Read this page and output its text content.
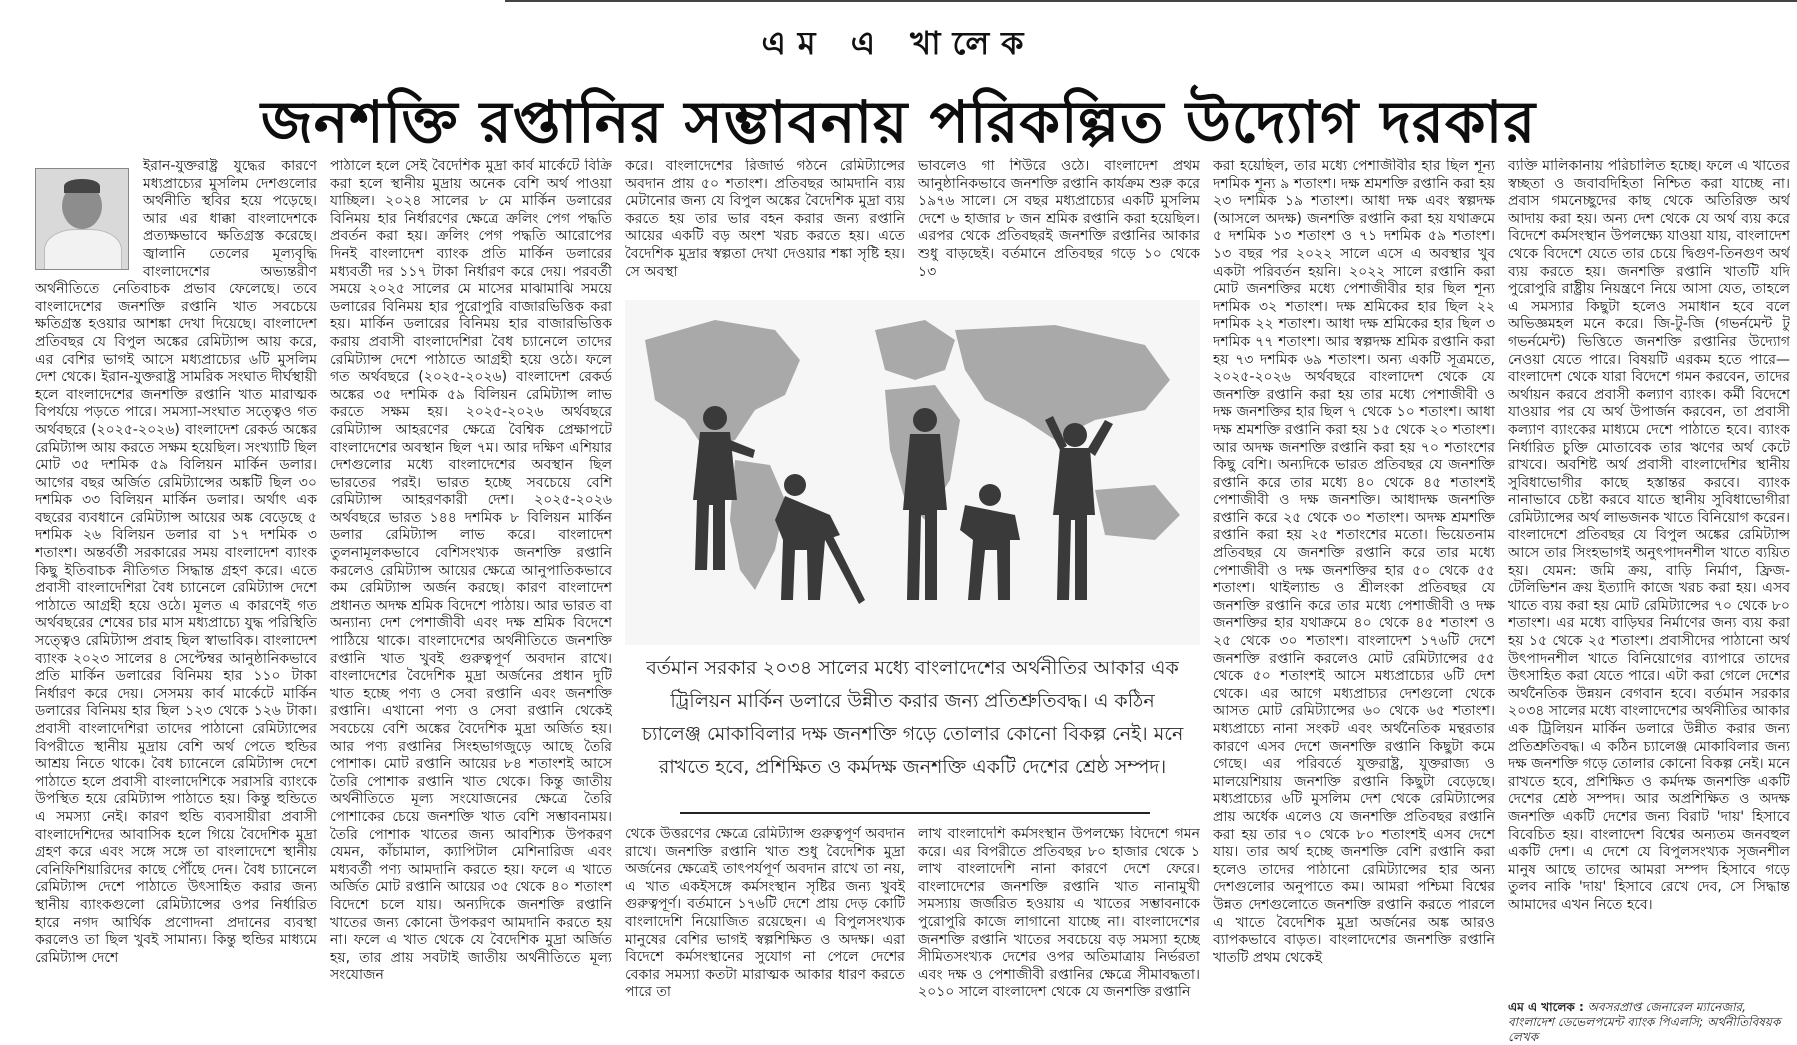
এম এ খালেক
জনশক্তি রপ্তানির সম্ভাবনায় পরিকল্পিত উদ্যোগ দরকার

ইরান-যুক্তরাষ্ট্র যুদ্ধের কারণে মধ্যপ্রাচ্যের মুসলিম দেশগুলোর অর্থনীতি স্থবির হয়ে পড়েছে। আর এর ধাক্কা বাংলাদেশকে প্রত্যক্ষভাবে ক্ষতিগ্রস্ত করেছে। জ্বালানি তেলের মূল্যবৃদ্ধি বাংলাদেশের অভ্যন্তরীণ অর্থনীতিতে নেতিবাচক প্রভাব ফেলেছে। তবে বাংলাদেশের জনশক্তি রপ্তানি খাত সবচেয়ে ক্ষতিগ্রস্ত হওয়ার আশঙ্কা দেখা দিয়েছে। বাংলাদেশ প্রতিবছর যে বিপুল অঙ্কের রেমিট্যান্স আয় করে, এর বেশির ভাগই আসে মধ্যপ্রাচ্যের ৬টি মুসলিম দেশ থেকে। ইরান-যুক্তরাষ্ট্র সামরিক সংঘাত দীর্ঘস্থায়ী হলে বাংলাদেশের জনশক্তি রপ্তানি খাত মারাত্মক বিপর্যয়ে পড়তে পারে। সমস্যা-সংঘাত সত্ত্বেও গত অর্থবছরে (২০২৫-২০২৬) বাংলাদেশ রেকর্ড অঙ্কের রেমিট্যান্স আয় করতে সক্ষম হয়েছিল। সংখ্যাটি ছিল মোট ৩৫ দশমিক ৫৯ বিলিয়ন মার্কিন ডলার। আগের বছর অর্জিত রেমিট্যান্সের অঙ্কটি ছিল ৩০ দশমিক ৩৩ বিলিয়ন মার্কিন ডলার। অর্থাৎ এক বছরের ব্যবধানে রেমিট্যান্স আয়ের অঙ্ক বেড়েছে ৫ দশমিক ২৬ বিলিয়ন ডলার বা ১৭ দশমিক ৩ শতাংশ। অন্তর্বর্তী সরকারের সময় বাংলাদেশ ব্যাংক কিছু ইতিবাচক নীতিগত সিদ্ধান্ত গ্রহণ করে। এতে প্রবাসী বাংলাদেশিরা বৈধ চ্যানেলে রেমিট্যান্স দেশে পাঠাতে আগ্রহী হয়ে ওঠে। মূলত এ কারণেই গত অর্থবছরের শেষের চার মাস মধ্যপ্রাচ্যে যুদ্ধ পরিস্থিতি সত্ত্বেও রেমিট্যান্স প্রবাহ ছিল স্বাভাবিক। বাংলাদেশ ব্যাংক ২০২৩ সালের ৪ সেপ্টেম্বর আনুষ্ঠানিকভাবে প্রতি মার্কিন ডলারের বিনিময় হার ১১০ টাকা নির্ধারণ করে দেয়। সেসময় কার্ব মার্কেটে মার্কিন ডলারের বিনিময় হার ছিল ১২৩ থেকে ১২৬ টাকা। প্রবাসী বাংলাদেশিরা তাদের পাঠানো রেমিট্যান্সের বিপরীতে স্থানীয় মুদ্রায় বেশি অর্থ পেতে হুন্ডির আশ্রয় নিতে থাকে। বৈধ চ্যানেলে রেমিট্যান্স দেশে পাঠাতে হলে প্রবাসী বাংলাদেশিকে সরাসরি ব্যাংকে উপস্থিত হয়ে রেমিট্যান্স পাঠাতে হয়। কিন্তু হুন্ডিতে এ সমস্যা নেই। কারণ হুন্ডি ব্যবসায়ীরা প্রবাসী বাংলাদেশিদের আবাসিক হলে গিয়ে বৈদেশিক মুদ্রা গ্রহণ করে এবং সঙ্গে সঙ্গে তা বাংলাদেশে স্থানীয় বেনিফিশিয়ারিদের কাছে পৌঁছে দেন। বৈধ চ্যানেলে রেমিট্যান্স দেশে পাঠাতে উৎসাহিত করার জন্য স্থানীয় ব্যাংকগুলো রেমিট্যান্সের ওপর নির্ধারিত হারে নগদ আর্থিক প্রণোদনা প্রদানের ব্যবস্থা করলেও তা ছিল খুবই সামান্য। কিন্তু হুন্ডির মাধ্যমে রেমিট্যান্স দেশে

পাঠালে হলে সেই বৈদেশিক মুদ্রা কার্ব মার্কেটে বিক্রি করা হলে স্থানীয় মুদ্রায় অনেক বেশি অর্থ পাওয়া যাচ্ছিল। ২০২৪ সালের ৮ মে মার্কিন ডলারের বিনিময় হার নির্ধারণের ক্ষেত্রে ক্রলিং পেগ পদ্ধতি প্রবর্তন করা হয়। ক্রলিং পেগ পদ্ধতি আরোপের দিনই বাংলাদেশ ব্যাংক প্রতি মার্কিন ডলারের মধ্যবর্তী দর ১১৭ টাকা নির্ধারণ করে দেয়। পরবর্তী সময়ে ২০২৫ সালের মে মাসের মাঝামাঝি সময়ে ডলারের বিনিময় হার পুরোপুরি বাজারভিত্তিক করা হয়। মার্কিন ডলারের বিনিময় হার বাজারভিত্তিক করায় প্রবাসী বাংলাদেশিরা বৈধ চ্যানেলে তাদের রেমিট্যান্স দেশে পাঠাতে আগ্রহী হয়ে ওঠে। ফলে গত অর্থবছরে (২০২৫-২০২৬) বাংলাদেশ রেকর্ড অঙ্কের ৩৫ দশমিক ৫৯ বিলিয়ন রেমিট্যান্স লাভ করতে সক্ষম হয়। ২০২৫-২০২৬ অর্থবছরে রেমিট্যান্স আহরণের ক্ষেত্রে বৈশ্বিক প্রেক্ষাপটে বাংলাদেশের অবস্থান ছিল ৭ম। আর দক্ষিণ এশিয়ার দেশগুলোর মধ্যে বাংলাদেশের অবস্থান ছিল ভারতের পরই। ভারত হচ্ছে সবচেয়ে বেশি রেমিট্যান্স আহরণকারী দেশ। ২০২৫-২০২৬ অর্থবছরে ভারত ১৪৪ দশমিক ৮ বিলিয়ন মার্কিন ডলার রেমিট্যান্স লাভ করে। বাংলাদেশ তুলনামূলকভাবে বেশিসংখ্যক জনশক্তি রপ্তানি করলেও রেমিট্যান্স আয়ের ক্ষেত্রে আনুপাতিকভাবে কম রেমিট্যান্স অর্জন করছে। কারণ বাংলাদেশ প্রধানত অদক্ষ শ্রমিক বিদেশে পাঠায়। আর ভারত বা অন্যান্য দেশ পেশাজীবী এবং দক্ষ শ্রমিক বিদেশে পাঠিয়ে থাকে। বাংলাদেশের অর্থনীতিতে জনশক্তি রপ্তানি খাত খুবই গুরুত্বপূর্ণ অবদান রাখে। বাংলাদেশের বৈদেশিক মুদ্রা অর্জনের প্রধান দুটি খাত হচ্ছে পণ্য ও সেবা রপ্তানি এবং জনশক্তি রপ্তানি। এখানো পণ্য ও সেবা রপ্তানি থেকেই সবচেয়ে বেশি অঙ্কের বৈদেশিক মুদ্রা অর্জিত হয়। আর পণ্য রপ্তানির সিংহভাগজুড়ে আছে তৈরি পোশাক। মোট রপ্তানি আয়ের ৮৪ শতাংশই আসে তৈরি পোশাক রপ্তানি খাত থেকে। কিন্তু জাতীয় অর্থনীতিতে মূল্য সংযোজনের ক্ষেত্রে তৈরি পোশাকের চেয়ে জনশক্তি খাত বেশি সম্ভাবনাময়। তৈরি পোশাক খাতের জন্য আবশ্যিক উপকরণ যেমন, কাঁচামাল, ক্যাপিটাল মেশিনারিজ এবং মধ্যবর্তী পণ্য আমদানি করতে হয়। ফলে এ খাতে অর্জিত মোট রপ্তানি আয়ের ৩৫ থেকে ৪০ শতাংশ বিদেশে চলে যায়। অন্যদিকে জনশক্তি রপ্তানি খাতের জন্য কোনো উপকরণ আমদানি করতে হয় না। ফলে এ খাত থেকে যে বৈদেশিক মুদ্রা অর্জিত হয়, তার প্রায় সবটাই জাতীয় অর্থনীতিতে মূল্য সংযোজন

করে। বাংলাদেশের রিজার্ভ গঠনে রেমিট্যান্সের অবদান প্রায় ৫০ শতাংশ। প্রতিবছর আমদানি ব্যয় মেটানোর জন্য যে বিপুল অঙ্কের বৈদেশিক মুদ্রা ব্যয় করতে হয় তার ভার বহন করার জন্য রপ্তানি আয়ের একটি বড় অংশ খরচ করতে হয়। এতে বৈদেশিক মুদ্রার স্বল্পতা দেখা দেওয়ার শঙ্কা সৃষ্টি হয়। সে অবস্থা

ভাবলেও গা শিউরে ওঠে। বাংলাদেশ প্রথম আনুষ্ঠানিকভাবে জনশক্তি রপ্তানি কার্যক্রম শুরু করে ১৯৭৬ সালে। সে বছর মধ্যপ্রাচ্যের একটি মুসলিম দেশে ৬ হাজার ৮ জন শ্রমিক রপ্তানি করা হয়েছিল। এরপর থেকে প্রতিবছরই জনশক্তি রপ্তানির আকার শুধু বাড়ছেই। বর্তমানে প্রতিবছর গড়ে ১০ থেকে ১৩

বর্তমান সরকার ২০৩৪ সালের মধ্যে বাংলাদেশের অর্থনীতির আকার এক ট্রিলিয়ন মার্কিন ডলারে উন্নীত করার জন্য প্রতিশ্রুতিবদ্ধ। এ কঠিন চ্যালেঞ্জ মোকাবিলার দক্ষ জনশক্তি গড়ে তোলার কোনো বিকল্প নেই। মনে রাখতে হবে, প্রশিক্ষিত ও কর্মদক্ষ জনশক্তি একটি দেশের শ্রেষ্ঠ সম্পদ।

থেকে উত্তরণের ক্ষেত্রে রেমিট্যান্স গুরুত্বপূর্ণ অবদান রাখে। জনশক্তি রপ্তানি খাত শুধু বৈদেশিক মুদ্রা অর্জনের ক্ষেত্রেই তাৎপর্যপূর্ণ অবদান রাখে তা নয়, এ খাত একইসঙ্গে কর্মসংস্থান সৃষ্টির জন্য খুবই গুরুত্বপূর্ণ। বর্তমানে ১৭৬টি দেশে প্রায় দেড় কোটি বাংলাদেশি নিয়োজিত রয়েছেন। এ বিপুলসংখ্যক মানুষের বেশির ভাগই স্বল্পশিক্ষিত ও অদক্ষ। এরা বিদেশে কর্মসংস্থানের সুযোগ না পেলে দেশের বেকার সমস্যা কতটা মারাত্মক আকার ধারণ করতে পারে তা

লাখ বাংলাদেশি কর্মসংস্থান উপলক্ষ্যে বিদেশে গমন করে। এর বিপরীতে প্রতিবছর ৮০ হাজার থেকে ১ লাখ বাংলাদেশি নানা কারণে দেশে ফেরে। বাংলাদেশের জনশক্তি রপ্তানি খাত নানামুখী সমস্যায় জর্জরিত হওয়ায় এ খাতের সম্ভাবনাকে পুরোপুরি কাজে লাগানো যাচ্ছে না। বাংলাদেশের জনশক্তি রপ্তানি খাতের সবচেয়ে বড় সমস্যা হচ্ছে সীমিতসংখ্যক দেশের ওপর অতিমাত্রায় নির্ভরতা এবং দক্ষ ও পেশাজীবী রপ্তানির ক্ষেত্রে সীমাবদ্ধতা। ২০১০ সালে বাংলাদেশ থেকে যে জনশক্তি রপ্তানি

করা হয়েছিল, তার মধ্যে পেশাজীবীর হার ছিল শূন্য দশমিক শূন্য ৯ শতাংশ। দক্ষ শ্রমশক্তি রপ্তানি করা হয় ২৩ দশমিক ১৯ শতাংশ। আধা দক্ষ এবং স্বল্পদক্ষ (আসলে অদক্ষ) জনশক্তি রপ্তানি করা হয় যথাক্রমে ৫ দশমিক ১৩ শতাংশ ও ৭১ দশমিক ৫৯ শতাংশ। ১৩ বছর পর ২০২২ সালে এসে এ অবস্থার খুব একটা পরিবর্তন হয়নি। ২০২২ সালে রপ্তানি করা মোট জনশক্তির মধ্যে পেশাজীবীর হার ছিল শূন্য দশমিক ৩২ শতাংশ। দক্ষ শ্রমিকের হার ছিল ২২ দশমিক ২২ শতাংশ। আধা দক্ষ শ্রমিকের হার ছিল ৩ দশমিক ৭৭ শতাংশ। আর স্বল্পদক্ষ শ্রমিক রপ্তানি করা হয় ৭৩ দশমিক ৬৯ শতাংশ। অন্য একটি সূত্রমতে, ২০২৫-২০২৬ অর্থবছরে বাংলাদেশ থেকে যে জনশক্তি রপ্তানি করা হয় তার মধ্যে পেশাজীবী ও দক্ষ জনশক্তির হার ছিল ৭ থেকে ১০ শতাংশ। আধা দক্ষ শ্রমশক্তি রপ্তানি করা হয় ১৫ থেকে ২০ শতাংশ। আর অদক্ষ জনশক্তি রপ্তানি করা হয় ৭০ শতাংশের কিছু বেশি। অন্যদিকে ভারত প্রতিবছর যে জনশক্তি রপ্তানি করে তার মধ্যে ৪০ থেকে ৪৫ শতাংশই পেশাজীবী ও দক্ষ জনশক্তি। আধাদক্ষ জনশক্তি রপ্তানি করে ২৫ থেকে ৩০ শতাংশ। অদক্ষ শ্রমশক্তি রপ্তানি করা হয় ২৫ শতাংশের মতো। ভিয়েতনাম প্রতিবছর যে জনশক্তি রপ্তানি করে তার মধ্যে পেশাজীবী ও দক্ষ জনশক্তির হার ৫০ থেকে ৫৫ শতাংশ। থাইল্যান্ড ও শ্রীলংকা প্রতিবছর যে জনশক্তি রপ্তানি করে তার মধ্যে পেশাজীবী ও দক্ষ জনশক্তির হার যথাক্রমে ৪০ থেকে ৪৫ শতাংশ ও ২৫ থেকে ৩০ শতাংশ। বাংলাদেশ ১৭৬টি দেশে জনশক্তি রপ্তানি করলেও মোট রেমিট্যান্সের ৫৫ থেকে ৫০ শতাংশই আসে মধ্যপ্রাচ্যের ৬টি দেশ থেকে। এর আগে মধ্যপ্রাচ্যর দেশগুলো থেকে আসত মোট রেমিট্যান্সের ৬০ থেকে ৬৫ শতাংশ। মধ্যপ্রাচ্যে নানা সংকট এবং অর্থনৈতিক মন্থরতার কারণে এসব দেশে জনশক্তি রপ্তানি কিছুটা কমে গেছে। এর পরিবর্তে যুক্তরাষ্ট্র, যুক্তরাজ্য ও মালয়েশিয়ায় জনশক্তি রপ্তানি কিছুটা বেড়েছে। মধ্যপ্রাচ্যের ৬টি মুসলিম দেশ থেকে রেমিট্যান্সের প্রায় অর্ধেক এলেও যে জনশক্তি প্রতিবছর রপ্তানি করা হয় তার ৭০ থেকে ৮০ শতাংশই এসব দেশে যায়। তার অর্থ হচ্ছে জনশক্তি বেশি রপ্তানি করা হলেও তাদের পাঠানো রেমিট্যান্সের হার অন্য দেশগুলোর অনুপাতে কম। আমরা পশ্চিমা বিশ্বের উন্নত দেশগুলোতে জনশক্তি রপ্তানি করতে পারলে এ খাতে বৈদেশিক মুদ্রা অর্জনের অঙ্ক আরও ব্যাপকভাবে বাড়ত। বাংলাদেশের জনশক্তি রপ্তানি খাতটি প্রথম থেকেই

ব্যক্তি মালিকানায় পরিচালিত হচ্ছে। ফলে এ খাতের স্বচ্ছতা ও জবাবদিহিতা নিশ্চিত করা যাচ্ছে না। প্রবাস গমনেচ্ছুদের কাছ থেকে অতিরিক্ত অর্থ আদায় করা হয়। অন্য দেশ থেকে যে অর্থ ব্যয় করে বিদেশে কর্মসংস্থান উপলক্ষ্যে যাওয়া যায়, বাংলাদেশ থেকে বিদেশে যেতে তার চেয়ে দ্বিগুণ-তিনগুণ অর্থ ব্যয় করতে হয়। জনশক্তি রপ্তানি খাতটি যদি পুরোপুরি রাষ্ট্রীয় নিয়ন্ত্রণে নিয়ে আসা যেত, তাহলে এ সমস্যার কিছুটা হলেও সমাধান হবে বলে অভিজ্ঞমহল মনে করে। জি-টু-জি (গভর্নমেন্ট টু গভর্নমেন্ট) ভিত্তিতে জনশক্তি রপ্তানির উদ্যোগ নেওয়া যেতে পারে। বিষয়টি এরকম হতে পারে—বাংলাদেশ থেকে যারা বিদেশে গমন করবেন, তাদের অর্থায়ন করবে প্রবাসী কল্যাণ ব্যাংক। কর্মী বিদেশে যাওয়ার পর যে অর্থ উপার্জন করবেন, তা প্রবাসী কল্যাণ ব্যাংকের মাধ্যমে দেশে পাঠাতে হবে। ব্যাংক নির্ধারিত চুক্তি মোতাবেক তার ঋণের অর্থ কেটে রাখবে। অবশিষ্ট অর্থ প্রবাসী বাংলাদেশির স্থানীয় সুবিধাভোগীর কাছে হস্তান্তর করবে। ব্যাংক নানাভাবে চেষ্টা করবে যাতে স্থানীয় সুবিধাভোগীরা রেমিট্যান্সের অর্থ লাভজনক খাতে বিনিয়োগ করেন। বাংলাদেশে প্রতিবছর যে বিপুল অঙ্কের রেমিট্যান্স আসে তার সিংহভাগই অনুৎপাদনশীল খাতে ব্যয়িত হয়। যেমন: জমি ক্রয়, বাড়ি নির্মাণ, ফ্রিজ-টেলিভিশন ক্রয় ইত্যাদি কাজে খরচ করা হয়। এসব খাতে ব্যয় করা হয় মোট রেমিট্যান্সের ৭০ থেকে ৮০ শতাংশ। এর মধ্যে বাড়িঘর নির্মাণের জন্য ব্যয় করা হয় ১৫ থেকে ২৫ শতাংশ। প্রবাসীদের পাঠানো অর্থ উৎপাদনশীল খাতে বিনিয়োগের ব্যাপারে তাদের উৎসাহিত করা যেতে পারে। এটা করা গেলে দেশের অর্থনৈতিক উন্নয়ন বেগবান হবে। বর্তমান সরকার ২০৩৪ সালের মধ্যে বাংলাদেশের অর্থনীতির আকার এক ট্রিলিয়ন মার্কিন ডলারে উন্নীত করার জন্য প্রতিশ্রুতিবদ্ধ। এ কঠিন চ্যালেঞ্জ মোকাবিলার জন্য দক্ষ জনশক্তি গড়ে তোলার কোনো বিকল্প নেই। মনে রাখতে হবে, প্রশিক্ষিত ও কর্মদক্ষ জনশক্তি একটি দেশের শ্রেষ্ঠ সম্পদ। আর অপ্রশিক্ষিত ও অদক্ষ জনশক্তি একটি দেশের জন্য বিরাট 'দায়' হিসাবে বিবেচিত হয়। বাংলাদেশ বিশ্বের অন্যতম জনবহুল একটি দেশ। এ দেশে যে বিপুলসংখ্যক সৃজনশীল মানুষ আছে তাদের আমরা সম্পদ হিসাবে গড়ে তুলব নাকি 'দায়' হিসাবে রেখে দেব, সে সিদ্ধান্ত আমাদের এখন নিতে হবে।

এম এ খালেক : অবসরপ্রাপ্ত জেনারেল ম্যানেজার, বাংলাদেশ ডেভেলপমেন্ট ব্যাংক পিএলসি; অর্থনীতিবিষয়ক লেখক
